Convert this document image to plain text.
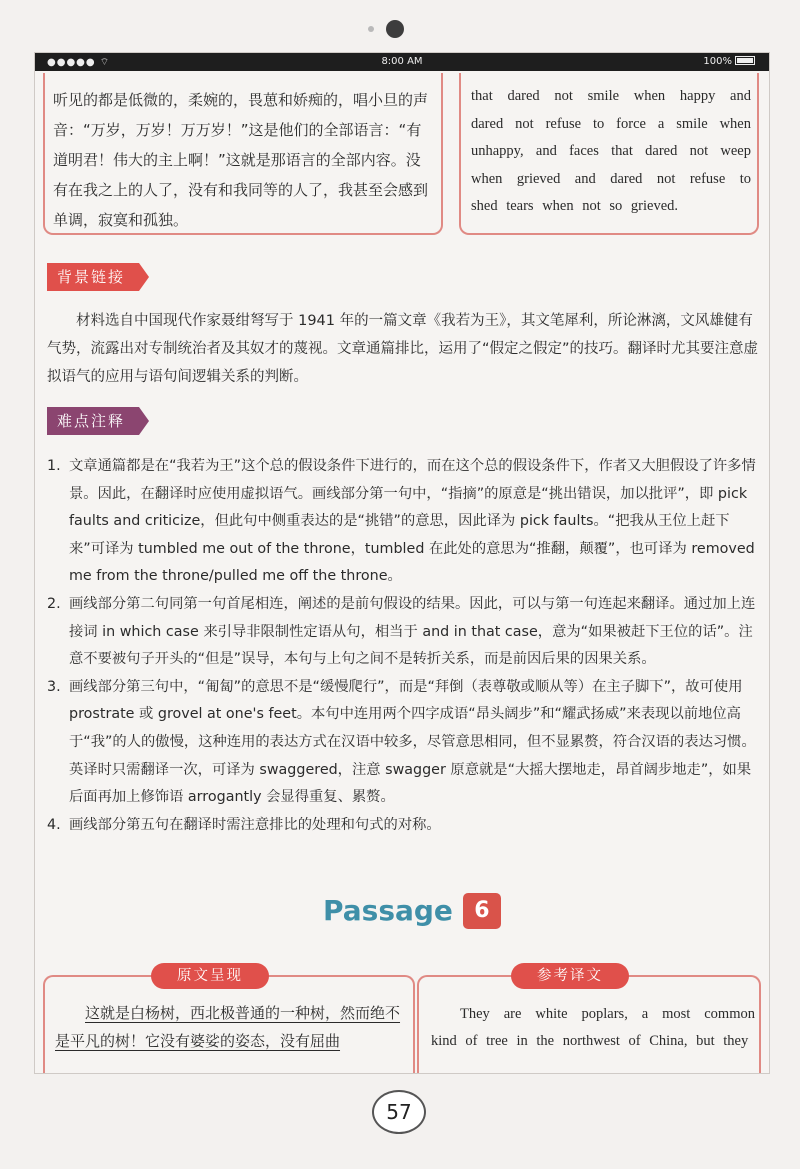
●●●●● ⌔	8:00 AM	100%

听见的都是低微的，柔婉的，畏葸和娇痴的，唱小旦的声音：“万岁，万岁！万万岁！”这是他们的全部语言：“有道明君！伟大的主上啊！”这就是那语言的全部内容。没有在我之上的人了，没有和我同等的人了，我甚至会感到单调，寂寞和孤独。

that dared not smile when happy and dared not refuse to force a smile when unhappy, and faces that dared not weep when grieved and dared not refuse to shed tears when not so grieved.

背景链接

材料选自中国现代作家聂绀弩写于 1941 年的一篇文章《我若为王》，其文笔犀利，所论淋漓，文风雄健有气势，流露出对专制统治者及其奴才的蔑视。文章通篇排比，运用了“假定之假定”的技巧。翻译时尤其要注意虚拟语气的应用与语句间逻辑关系的判断。

难点注释
1. 文章通篇都是在“我若为王”这个总的假设条件下进行的，而在这个总的假设条件下，作者又大胆假设了许多情景。因此，在翻译时应使用虚拟语气。画线部分第一句中，“指摘”的原意是“挑出错误，加以批评”，即 pick faults and criticize，但此句中侧重表达的是“挑错”的意思，因此译为 pick faults。“把我从王位上赶下来”可译为 tumbled me out of the throne，tumbled 在此处的意思为“推翻，颠覆”，也可译为 removed me from the throne/pulled me off the throne。
2. 画线部分第二句同第一句首尾相连，阐述的是前句假设的结果。因此，可以与第一句连起来翻译。通过加上连接词 in which case 来引导非限制性定语从句，相当于 and in that case，意为“如果被赶下王位的话”。注意不要被句子开头的“但是”误导，本句与上句之间不是转折关系，而是前因后果的因果关系。
3. 画线部分第三句中，“匍匐”的意思不是“缓慢爬行”，而是“拜倒（表尊敬或顺从等）在主子脚下”，故可使用 prostrate 或 grovel at one's feet。本句中连用两个四字成语“昂头阔步”和“耀武扬威”来表现以前地位高于“我”的人的傲慢，这种连用的表达方式在汉语中较多，尽管意思相同，但不显累赘，符合汉语的表达习惯。英译时只需翻译一次，可译为 swaggered，注意 swagger 原意就是“大摇大摆地走，昂首阔步地走”，如果后面再加上修饰语 arrogantly 会显得重复、累赘。
4. 画线部分第五句在翻译时需注意排比的处理和句式的对称。
Passage 6
原文呈现

这就是白杨树，西北极普通的一种树，然而绝不是平凡的树！它没有婆娑的姿态，没有屈曲

参考译文

They are white poplars, a most common kind of tree in the northwest of China, but they

57
